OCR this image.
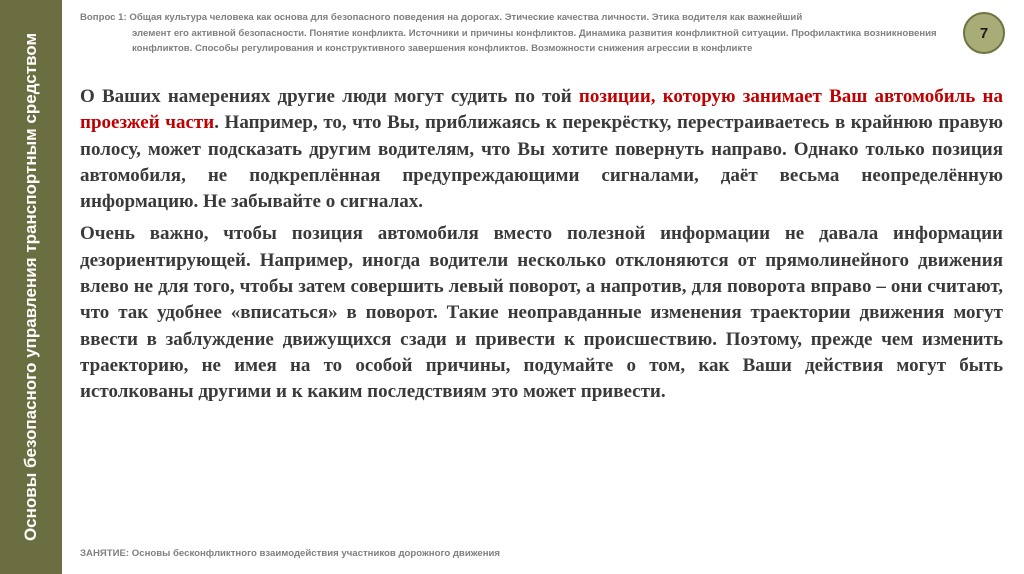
Основы безопасного управления транспортным средством
Вопрос 1: Общая культура человека как основа для безопасного поведения на дорогах. Этические качества личности. Этика водителя как важнейший
элемент его активной безопасности. Понятие конфликта. Источники и причины конфликтов. Динамика развития конфликтной ситуации. Профилактика возникновения конфликтов. Способы регулирования и конструктивного завершения конфликтов. Возможности снижения агрессии в конфликте
7

О Ваших намерениях другие люди могут судить по той позиции, которую занимает Ваш автомобиль на проезжей части. Например, то, что Вы, приближаясь к перекрёстку, перестраиваетесь в крайнюю правую полосу, может подсказать другим водителям, что Вы хотите повернуть направо. Однако только позиция автомобиля, не подкреплённая предупреждающими сигналами, даёт весьма неопределённую информацию. Не забывайте о сигналах.

Очень важно, чтобы позиция автомобиля вместо полезной информации не давала информации дезориентирующей. Например, иногда водители несколько отклоняются от прямолинейного движения влево не для того, чтобы затем совершить левый поворот, а напротив, для поворота вправо – они считают, что так удобнее «вписаться» в поворот. Такие неоправданные изменения траектории движения могут ввести в заблуждение движущихся сзади и привести к происшествию. Поэтому, прежде чем изменить траекторию, не имея на то особой причины, подумайте о том, как Ваши действия могут быть истолкованы другими и к каким последствиям это может привести.

ЗАНЯТИЕ: Основы бесконфликтного взаимодействия участников дорожного движения
